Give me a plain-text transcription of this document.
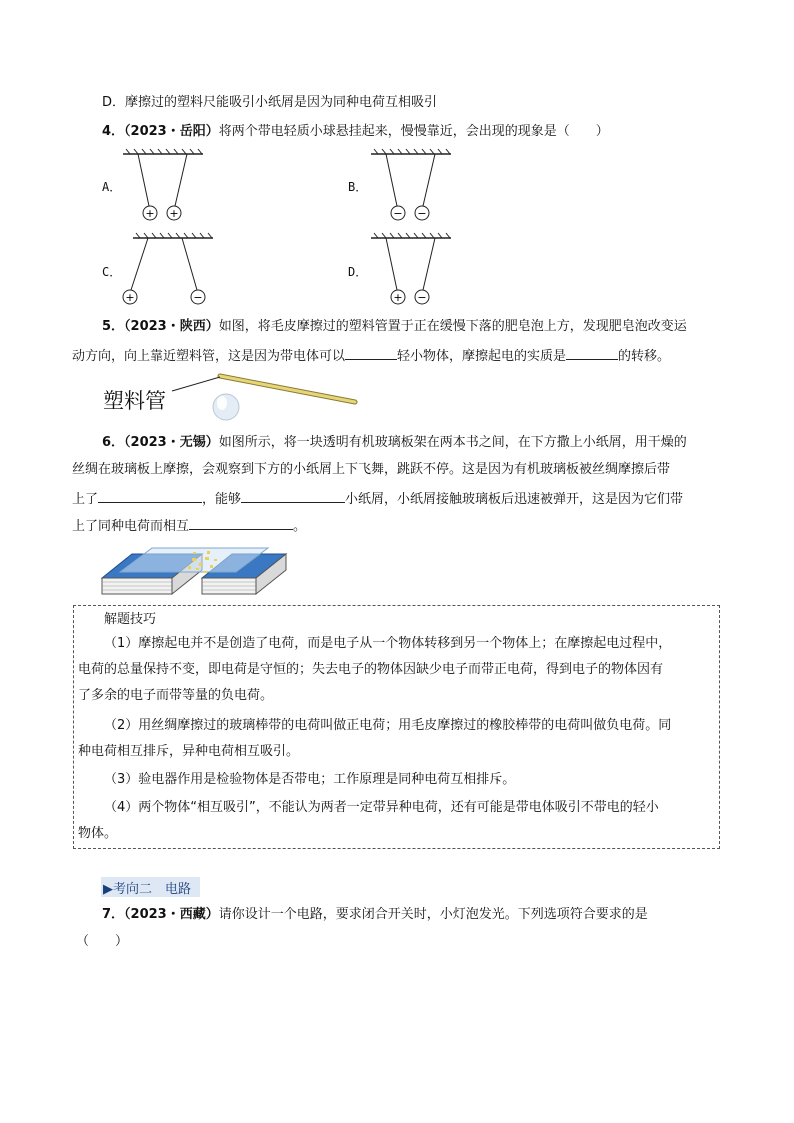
D．摩擦过的塑料尺能吸引小纸屑是因为同种电荷互相吸引
4．（2023・岳阳）将两个带电轻质小球悬挂起来，慢慢靠近，会出现的现象是（　　）
A．	B．
C．	D．
+ +	− −
+	−	+ −
5．（2023・陕西）如图，将毛皮摩擦过的塑料管置于正在缓慢下落的肥皂泡上方，发现肥皂泡改变运
动方向，向上靠近塑料管，这是因为带电体可以	轻小物体，摩擦起电的实质是	的转移。
塑料管
6．（2023・无锡）如图所示，将一块透明有机玻璃板架在两本书之间，在下方撒上小纸屑，用干燥的
丝绸在玻璃板上摩擦，会观察到下方的小纸屑上下飞舞，跳跃不停。这是因为有机玻璃板被丝绸摩擦后带
上了	，能够	小纸屑，小纸屑接触玻璃板后迅速被弹开，这是因为它们带
上了同种电荷而相互	。
解题技巧
（1）摩擦起电并不是创造了电荷，而是电子从一个物体转移到另一个物体上；在摩擦起电过程中，
电荷的总量保持不变，即电荷是守恒的；失去电子的物体因缺少电子而带正电荷，得到电子的物体因有
了多余的电子而带等量的负电荷。
（2）用丝绸摩擦过的玻璃棒带的电荷叫做正电荷；用毛皮摩擦过的橡胶棒带的电荷叫做负电荷。同
种电荷相互排斥，异种电荷相互吸引。
（3）验电器作用是检验物体是否带电；工作原理是同种电荷互相排斥。
（4）两个物体“相互吸引”，不能认为两者一定带异种电荷，还有可能是带电体吸引不带电的轻小
物体。
▶考向二　电路
7．（2023・西藏）请你设计一个电路，要求闭合开关时，小灯泡发光。下列选项符合要求的是
（　　）
